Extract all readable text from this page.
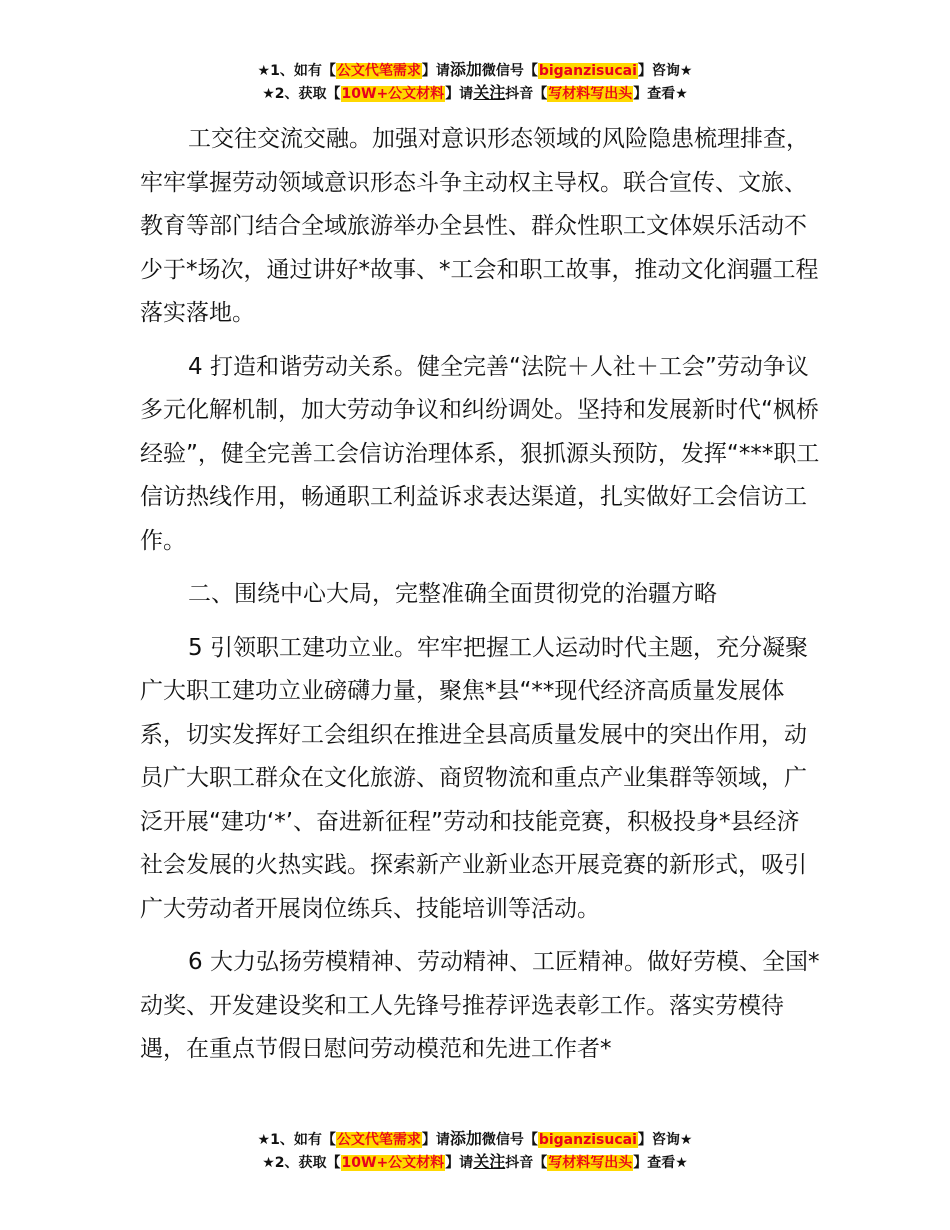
★1、如有【公文代笔需求】请添加微信号【biganzisucai】咨询★
★2、获取【10W+公文材料】请关注抖音【写材料写出头】查看★

工交往交流交融。加强对意识形态领域的风险隐患梳理排查，牢牢掌握劳动领域意识形态斗争主动权主导权。联合宣传、文旅、教育等部门结合全域旅游举办全县性、群众性职工文体娱乐活动不少于*场次，通过讲好*故事、*工会和职工故事，推动文化润疆工程落实落地。

4 打造和谐劳动关系。健全完善“法院＋人社＋工会”劳动争议多元化解机制，加大劳动争议和纠纷调处。坚持和发展新时代“枫桥经验”，健全完善工会信访治理体系，狠抓源头预防，发挥“***职工信访热线作用，畅通职工利益诉求表达渠道，扎实做好工会信访工作。

二、围绕中心大局，完整准确全面贯彻党的治疆方略

5 引领职工建功立业。牢牢把握工人运动时代主题，充分凝聚广大职工建功立业磅礴力量，聚焦*县“**现代经济高质量发展体系，切实发挥好工会组织在推进全县高质量发展中的突出作用，动员广大职工群众在文化旅游、商贸物流和重点产业集群等领域，广泛开展“建功‘*’、奋进新征程”劳动和技能竞赛，积极投身*县经济社会发展的火热实践。探索新产业新业态开展竞赛的新形式，吸引广大劳动者开展岗位练兵、技能培训等活动。

6 大力弘扬劳模精神、劳动精神、工匠精神。做好劳模、全国*动奖、开发建设奖和工人先锋号推荐评选表彰工作。落实劳模待遇，在重点节假日慰问劳动模范和先进工作者*

★1、如有【公文代笔需求】请添加微信号【biganzisucai】咨询★
★2、获取【10W+公文材料】请关注抖音【写材料写出头】查看★
